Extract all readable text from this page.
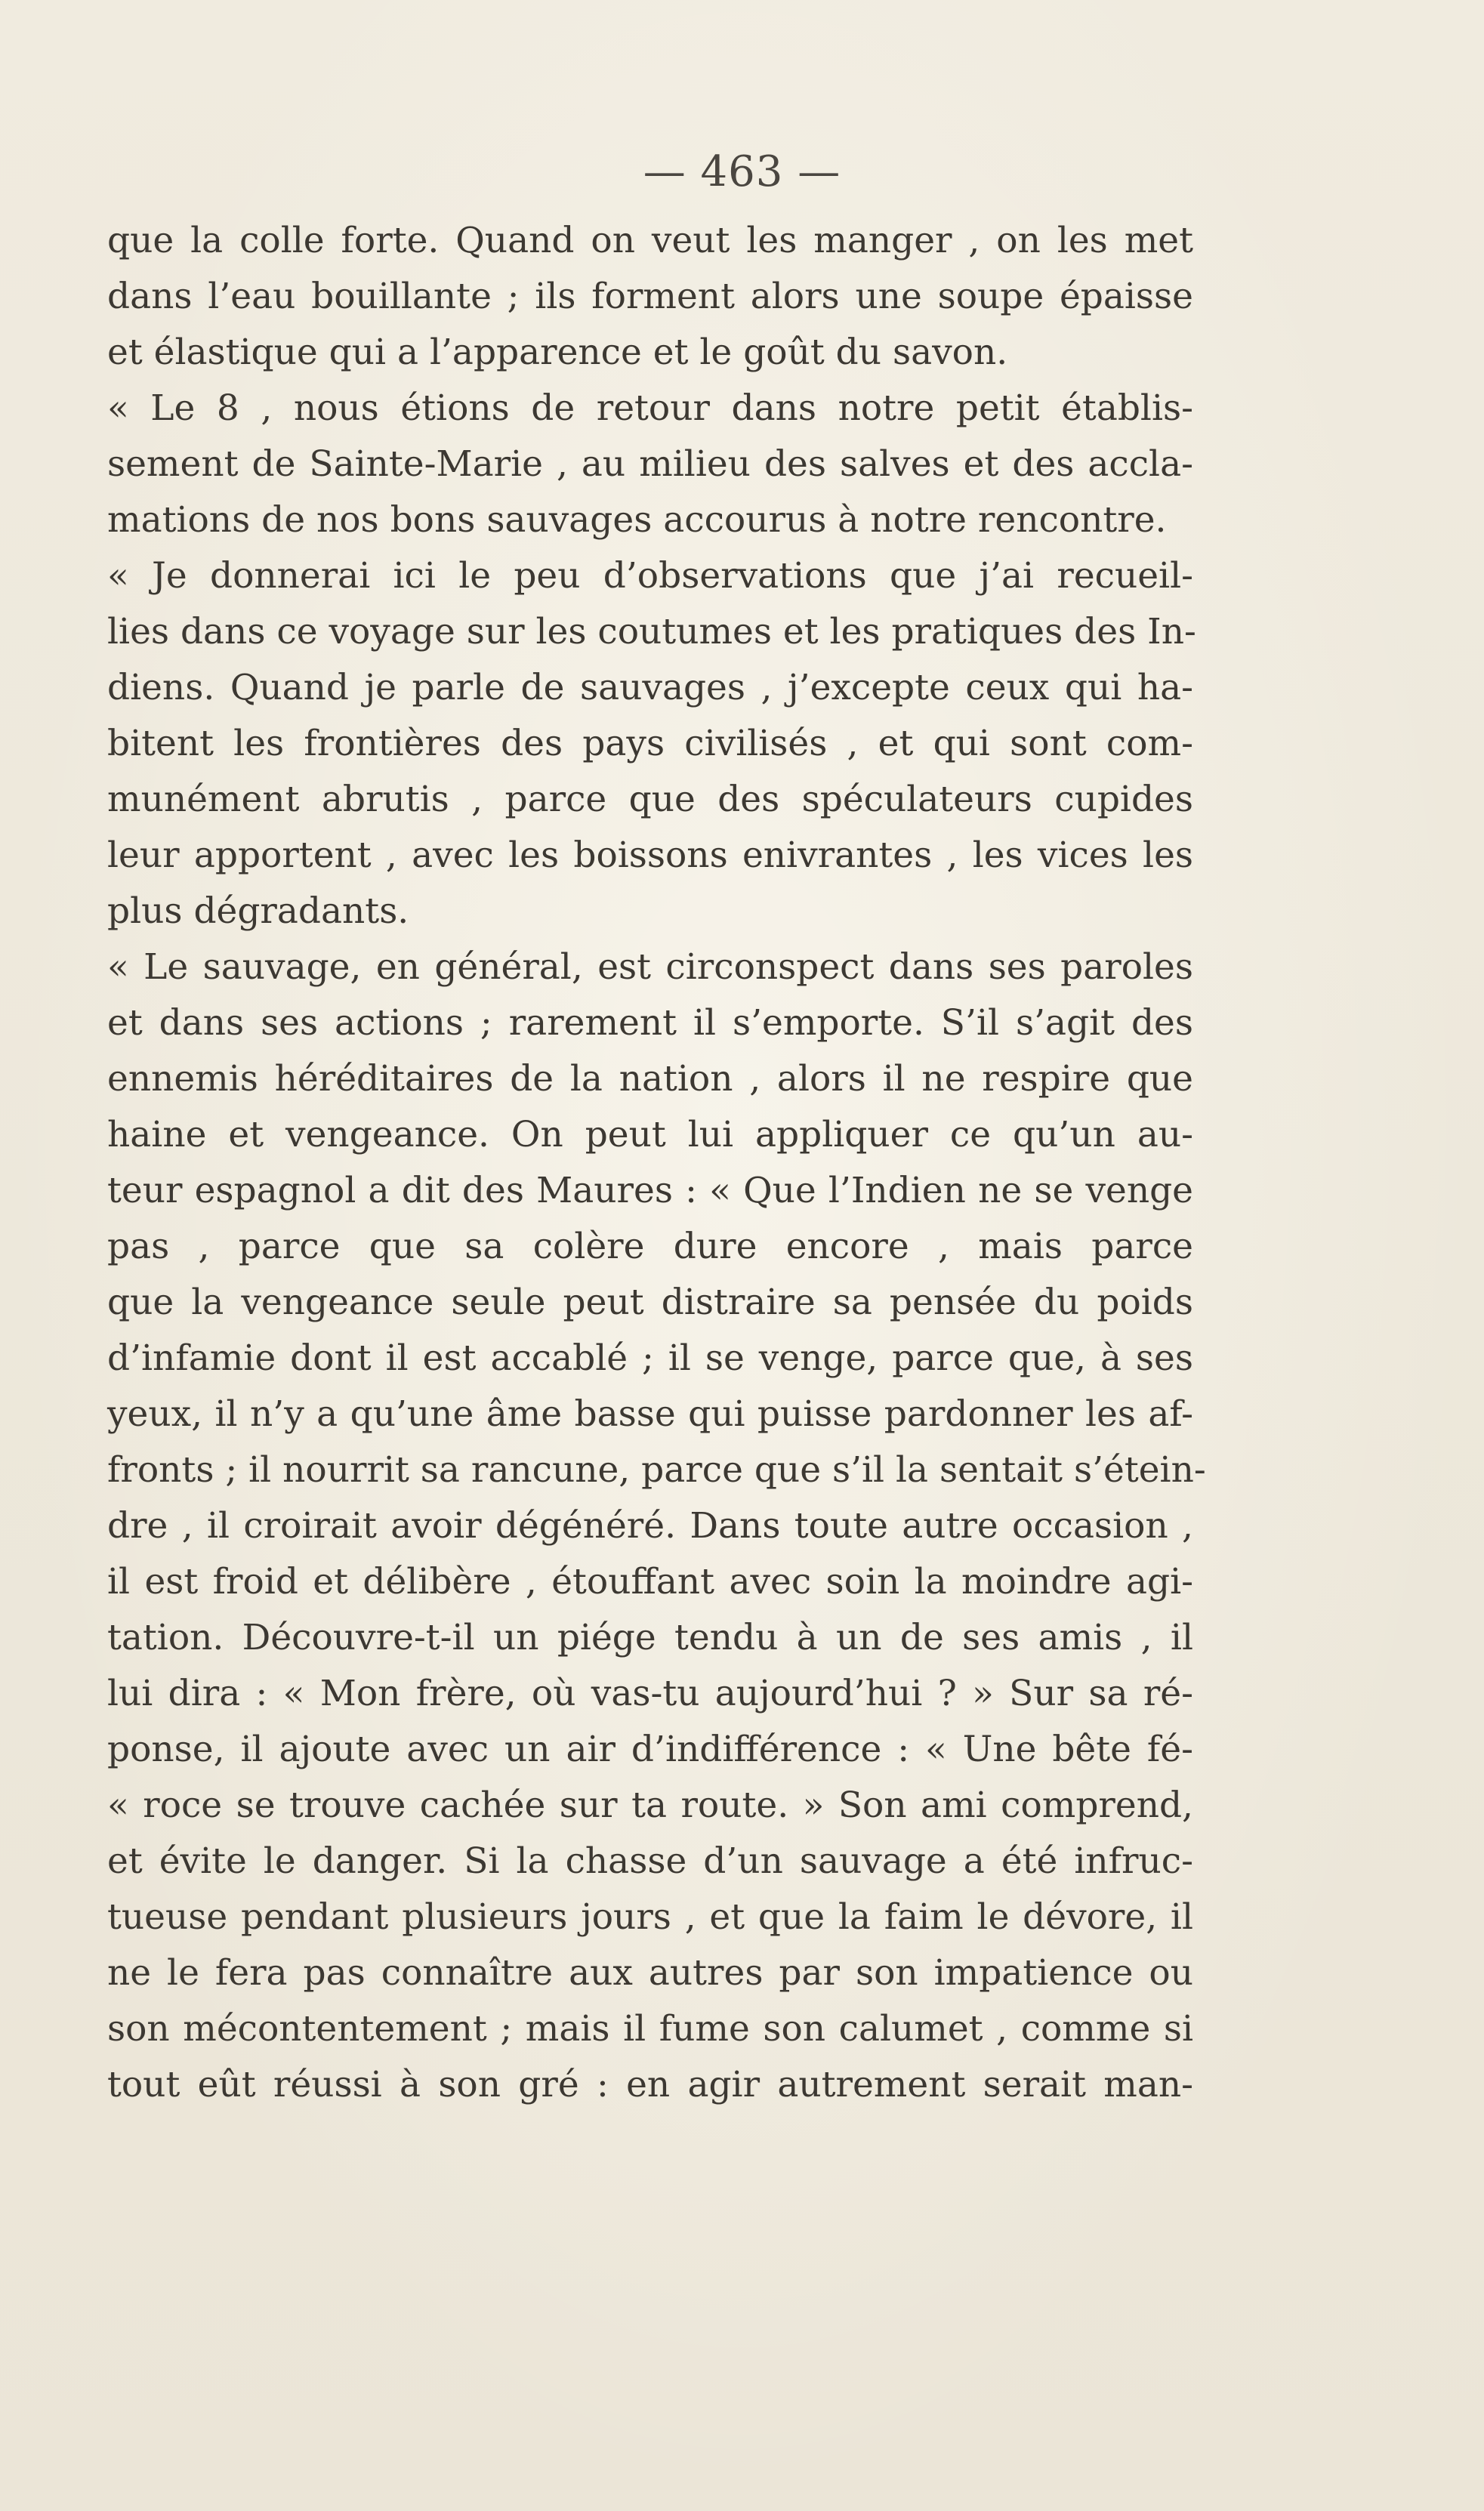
— 463 —
que la colle forte. Quand on veut les manger , on les met
dans l’eau bouillante ; ils forment alors une soupe épaisse
et élastique qui a l’apparence et le goût du savon.
« Le 8 , nous étions de retour dans notre petit établis-
sement de Sainte-Marie , au milieu des salves et des accla-
mations de nos bons sauvages accourus à notre rencontre.
« Je donnerai ici le peu d’observations que j’ai recueil-
lies dans ce voyage sur les coutumes et les pratiques des In-
diens. Quand je parle de sauvages , j’excepte ceux qui ha-
bitent les frontières des pays civilisés , et qui sont com-
munément abrutis , parce que des spéculateurs cupides
leur apportent , avec les boissons enivrantes , les vices les
plus dégradants.
« Le sauvage, en général, est circonspect dans ses paroles
et dans ses actions ; rarement il s’emporte. S’il s’agit des
ennemis héréditaires de la nation , alors il ne respire que
haine et vengeance. On peut lui appliquer ce qu’un au-
teur espagnol a dit des Maures : « Que l’Indien ne se venge
pas , parce que sa colère dure encore , mais parce
que la vengeance seule peut distraire sa pensée du poids
d’infamie dont il est accablé ; il se venge, parce que, à ses
yeux, il n’y a qu’une âme basse qui puisse pardonner les af-
fronts ; il nourrit sa rancune, parce que s’il la sentait s’étein-
dre , il croirait avoir dégénéré. Dans toute autre occasion ,
il est froid et délibère , étouffant avec soin la moindre agi-
tation. Découvre-t-il un piége tendu à un de ses amis , il
lui dira : « Mon frère, où vas-tu aujourd’hui ? » Sur sa ré-
ponse, il ajoute avec un air d’indifférence : « Une bête fé-
« roce se trouve cachée sur ta route. » Son ami comprend,
et évite le danger. Si la chasse d’un sauvage a été infruc-
tueuse pendant plusieurs jours , et que la faim le dévore, il
ne le fera pas connaître aux autres par son impatience ou
son mécontentement ; mais il fume son calumet , comme si
tout eût réussi à son gré : en agir autrement serait man-
